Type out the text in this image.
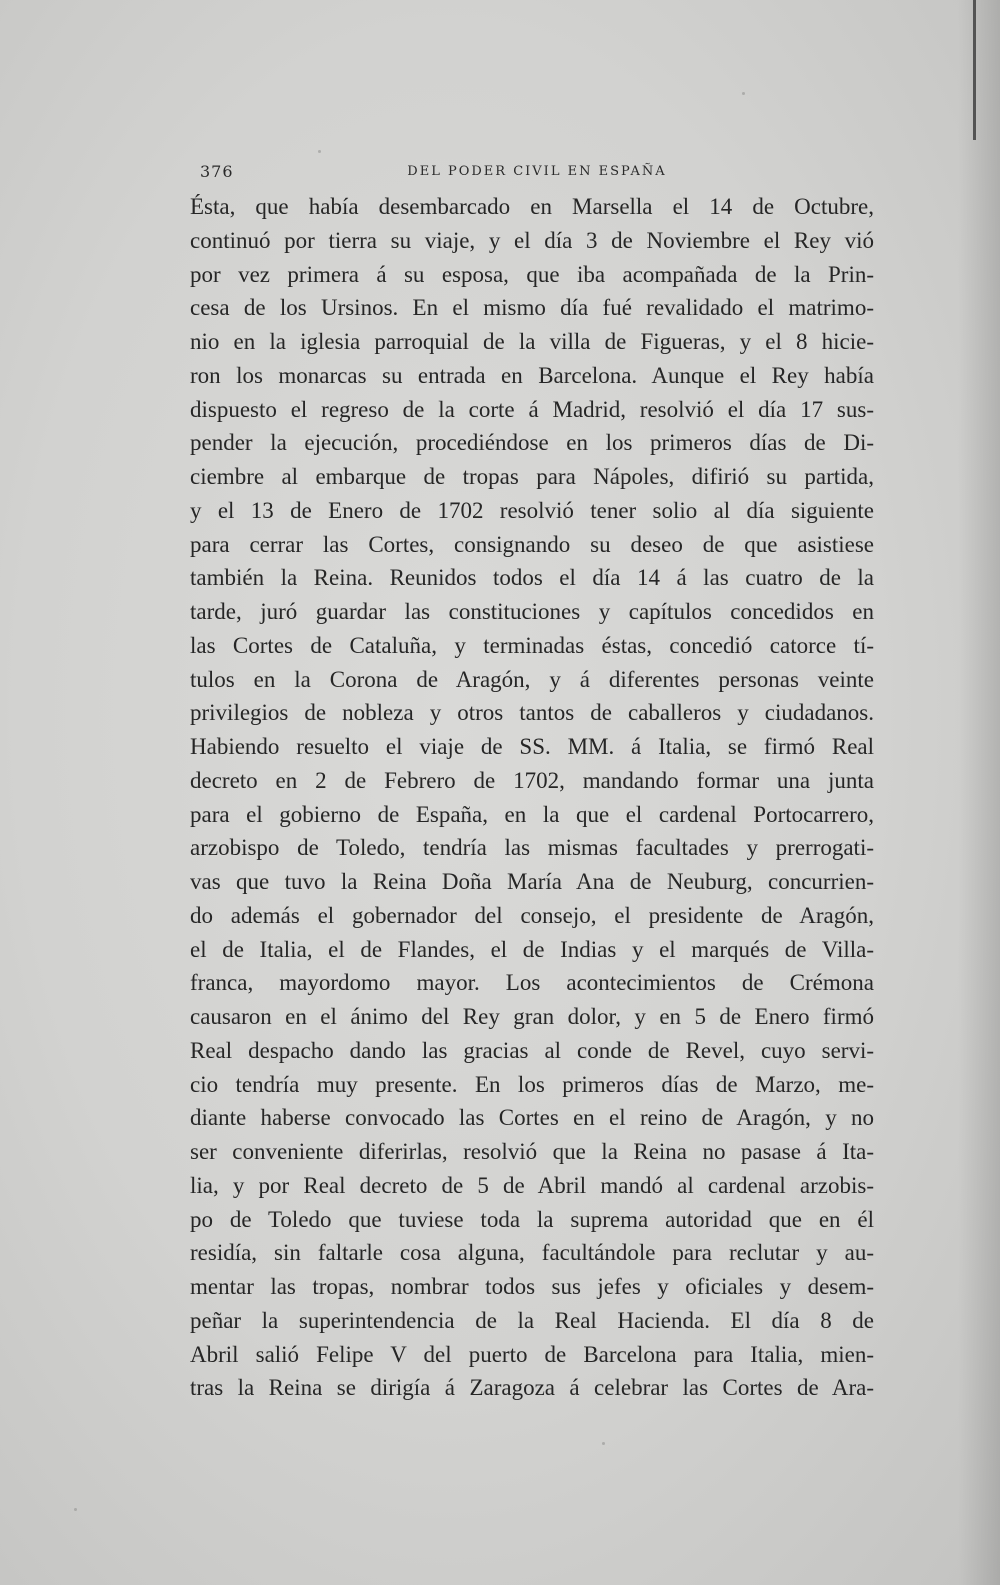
376	DEL PODER CIVIL EN ESPAÑA
Ésta, que había desembarcado en Marsella el 14 de Octubre,
continuó por tierra su viaje, y el día 3 de Noviembre el Rey vió
por vez primera á su esposa, que iba acompañada de la Prin-
cesa de los Ursinos. En el mismo día fué revalidado el matrimo-
nio en la iglesia parroquial de la villa de Figueras, y el 8 hicie-
ron los monarcas su entrada en Barcelona. Aunque el Rey había
dispuesto el regreso de la corte á Madrid, resolvió el día 17 sus-
pender la ejecución, procediéndose en los primeros días de Di-
ciembre al embarque de tropas para Nápoles, difirió su partida,
y el 13 de Enero de 1702 resolvió tener solio al día siguiente
para cerrar las Cortes, consignando su deseo de que asistiese
también la Reina. Reunidos todos el día 14 á las cuatro de la
tarde, juró guardar las constituciones y capítulos concedidos en
las Cortes de Cataluña, y terminadas éstas, concedió catorce tí-
tulos en la Corona de Aragón, y á diferentes personas veinte
privilegios de nobleza y otros tantos de caballeros y ciudadanos.
Habiendo resuelto el viaje de SS. MM. á Italia, se firmó Real
decreto en 2 de Febrero de 1702, mandando formar una junta
para el gobierno de España, en la que el cardenal Portocarrero,
arzobispo de Toledo, tendría las mismas facultades y prerrogati-
vas que tuvo la Reina Doña María Ana de Neuburg, concurrien-
do además el gobernador del consejo, el presidente de Aragón,
el de Italia, el de Flandes, el de Indias y el marqués de Villa-
franca, mayordomo mayor. Los acontecimientos de Crémona
causaron en el ánimo del Rey gran dolor, y en 5 de Enero firmó
Real despacho dando las gracias al conde de Revel, cuyo servi-
cio tendría muy presente. En los primeros días de Marzo, me-
diante haberse convocado las Cortes en el reino de Aragón, y no
ser conveniente diferirlas, resolvió que la Reina no pasase á Ita-
lia, y por Real decreto de 5 de Abril mandó al cardenal arzobis-
po de Toledo que tuviese toda la suprema autoridad que en él
residía, sin faltarle cosa alguna, facultándole para reclutar y au-
mentar las tropas, nombrar todos sus jefes y oficiales y desem-
peñar la superintendencia de la Real Hacienda. El día 8 de
Abril salió Felipe V del puerto de Barcelona para Italia, mien-
tras la Reina se dirigía á Zaragoza á celebrar las Cortes de Ara-
